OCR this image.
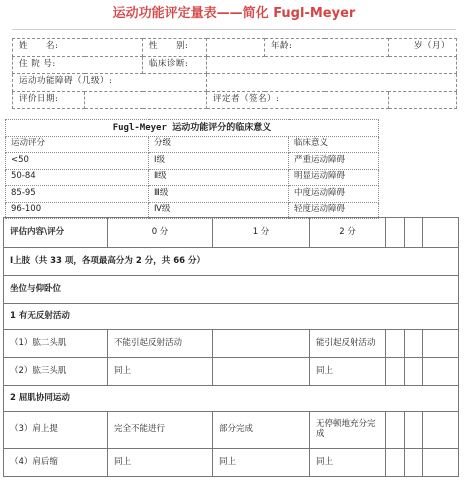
运动功能评定量表——简化 Fugl-Meyer
姓　　名:		性　　别:		年龄:	岁（月）
住 院 号:		临床诊断:			
运动功能障碍（几级）:					
评价日期:			评定者（签名）:		
Fugl-Meyer 运动功能评分的临床意义		
运动评分	分级	临床意义
<50	Ⅰ级	严重运动障碍
50-84	Ⅱ级	明显运动障碍
85-95	Ⅲ级	中度运动障碍
96-100	Ⅳ级	轻度运动障碍
评估内容\评分	0 分	1 分	2 分			
Ⅰ上肢（共 33 项，各项最高分为 2 分，共 66 分）						
坐位与仰卧位						
1 有无反射活动						
（1）肱二头肌	不能引起反射活动		能引起反射活动			
（2）肱三头肌	同上		同上			
2 屈肌协同运动						
（3）肩上提	完全不能进行	部分完成	无停顿地充分完成			
（4）肩后缩	同上	同上	同上			
